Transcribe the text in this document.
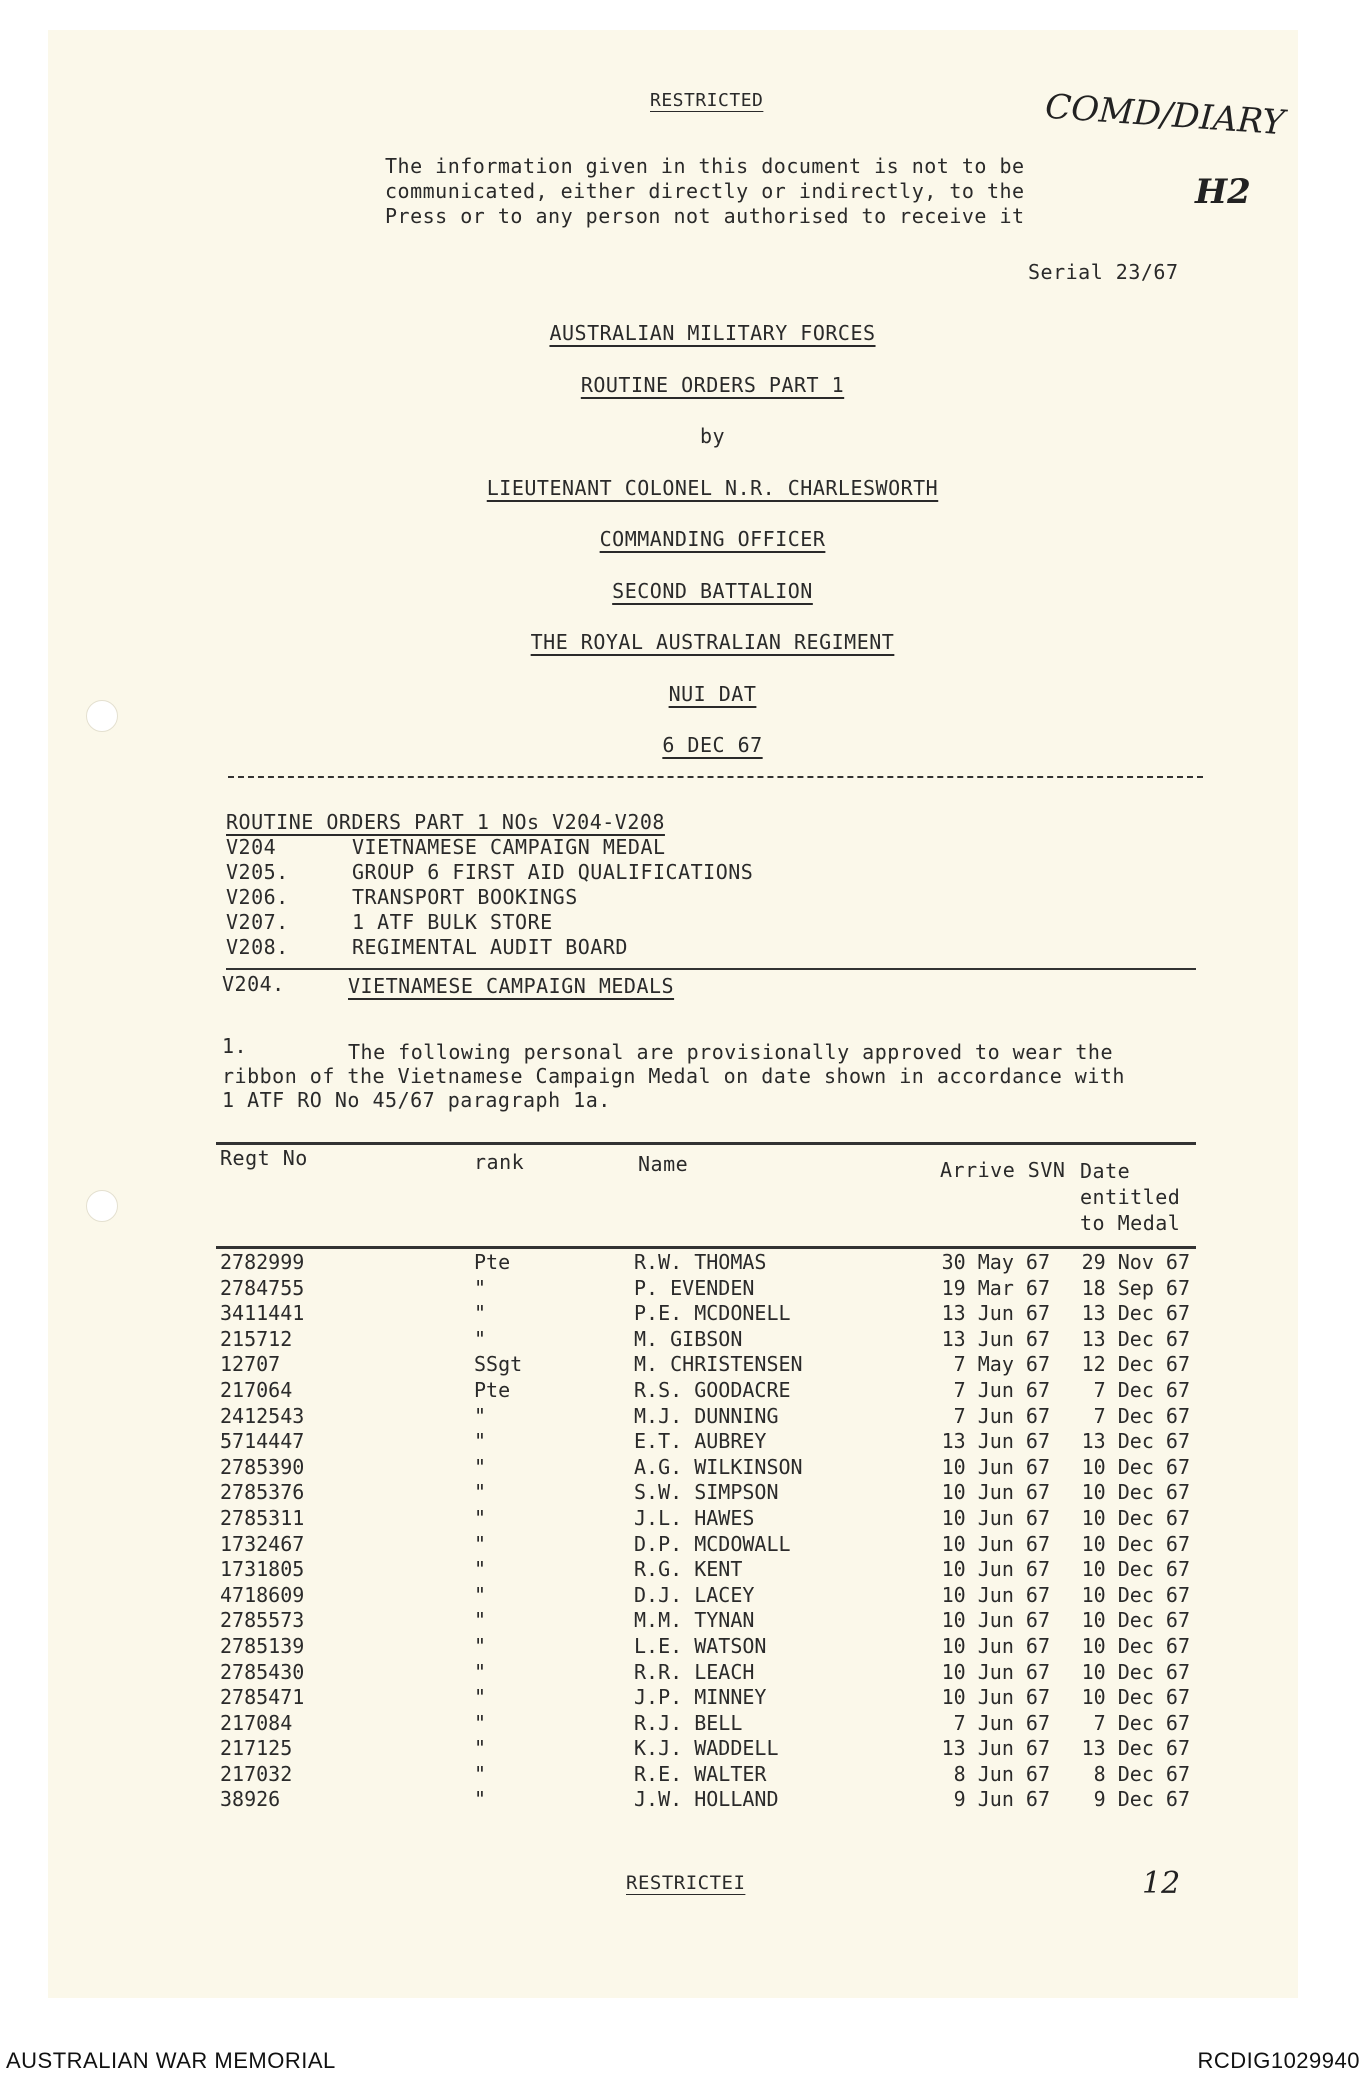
RESTRICTED	COMD/DIARY
H2
The information given in this document is not to be
communicated, either directly or indirectly, to the
Press or to any person not authorised to receive it
Serial 23/67
AUSTRALIAN MILITARY FORCES
ROUTINE ORDERS PART 1
by
LIEUTENANT COLONEL N.R. CHARLESWORTH
COMMANDING OFFICER
SECOND BATTALION
THE ROYAL AUSTRALIAN REGIMENT
NUI DAT
6 DEC 67
ROUTINE ORDERS PART 1 NOs V204-V208
V204	VIETNAMESE CAMPAIGN MEDAL
V205.	GROUP 6 FIRST AID QUALIFICATIONS
V206.	TRANSPORT BOOKINGS
V207.	1 ATF BULK STORE
V208.	REGIMENTAL AUDIT BOARD
V204.	VIETNAMESE CAMPAIGN MEDALS
1.	The following personal are provisionally approved to wear the
ribbon of the Vietnamese Campaign Medal on date shown in accordance with
1 ATF RO No 45/67 paragraph 1a.
Regt No	rank	Name	Arrive SVN Date
entitled
to Medal
2782999	Pte	R.W. THOMAS	30 May 67	29 Nov 67
2784755	"	P. EVENDEN	19 Mar 67	18 Sep 67
3411441	"	P.E. MCDONELL	13 Jun 67	13 Dec 67
215712	"	M. GIBSON	13 Jun 67	13 Dec 67
12707	SSgt	M. CHRISTENSEN	7 May 67	12 Dec 67
217064	Pte	R.S. GOODACRE	7 Jun 67	7 Dec 67
2412543	"	M.J. DUNNING	7 Jun 67	7 Dec 67
5714447	"	E.T. AUBREY	13 Jun 67	13 Dec 67
2785390	"	A.G. WILKINSON	10 Jun 67	10 Dec 67
2785376	"	S.W. SIMPSON	10 Jun 67	10 Dec 67
2785311	"	J.L. HAWES	10 Jun 67	10 Dec 67
1732467	"	D.P. MCDOWALL	10 Jun 67	10 Dec 67
1731805	"	R.G. KENT	10 Jun 67	10 Dec 67
4718609	"	D.J. LACEY	10 Jun 67	10 Dec 67
2785573	"	M.M. TYNAN	10 Jun 67	10 Dec 67
2785139	"	L.E. WATSON	10 Jun 67	10 Dec 67
2785430	"	R.R. LEACH	10 Jun 67	10 Dec 67
2785471	"	J.P. MINNEY	10 Jun 67	10 Dec 67
217084	"	R.J. BELL	7 Jun 67	7 Dec 67
217125	"	K.J. WADDELL	13 Jun 67	13 Dec 67
217032	"	R.E. WALTER	8 Jun 67	8 Dec 67
38926	"	J.W. HOLLAND	9 Jun 67	9 Dec 67
RESTRICTEI	12
AUSTRALIAN WAR MEMORIAL	RCDIG1029940
